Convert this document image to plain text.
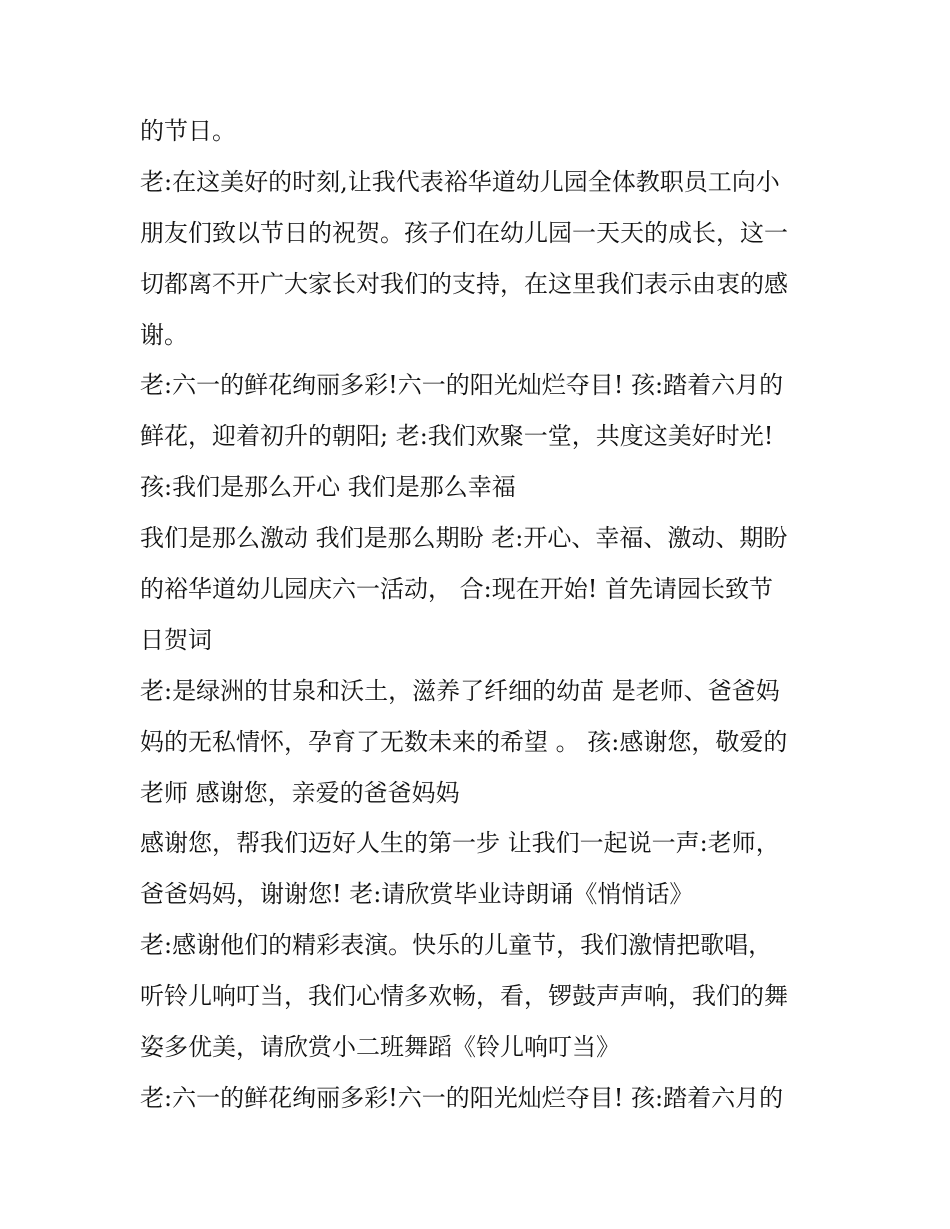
的节日。
老:在这美好的时刻,让我代表裕华道幼儿园全体教职员工向小
朋友们致以节日的祝贺。孩子们在幼儿园一天天的成长，这一
切都离不开广大家长对我们的支持，在这里我们表示由衷的感
谢。
老:六一的鲜花绚丽多彩!六一的阳光灿烂夺目! 孩:踏着六月的
鲜花，迎着初升的朝阳; 老:我们欢聚一堂，共度这美好时光!
孩:我们是那么开心 我们是那么幸福
我们是那么激动 我们是那么期盼 老:开心、幸福、激动、期盼
的裕华道幼儿园庆六一活动， 合:现在开始! 首先请园长致节
日贺词
老:是绿洲的甘泉和沃土，滋养了纤细的幼苗 是老师、爸爸妈
妈的无私情怀，孕育了无数未来的希望 。 孩:感谢您，敬爱的
老师 感谢您，亲爱的爸爸妈妈
感谢您，帮我们迈好人生的第一步 让我们一起说一声:老师，
爸爸妈妈，谢谢您! 老:请欣赏毕业诗朗诵《悄悄话》
老:感谢他们的精彩表演。快乐的儿童节，我们激情把歌唱，
听铃儿响叮当，我们心情多欢畅，看，锣鼓声声响，我们的舞
姿多优美，请欣赏小二班舞蹈《铃儿响叮当》
老:六一的鲜花绚丽多彩!六一的阳光灿烂夺目! 孩:踏着六月的
